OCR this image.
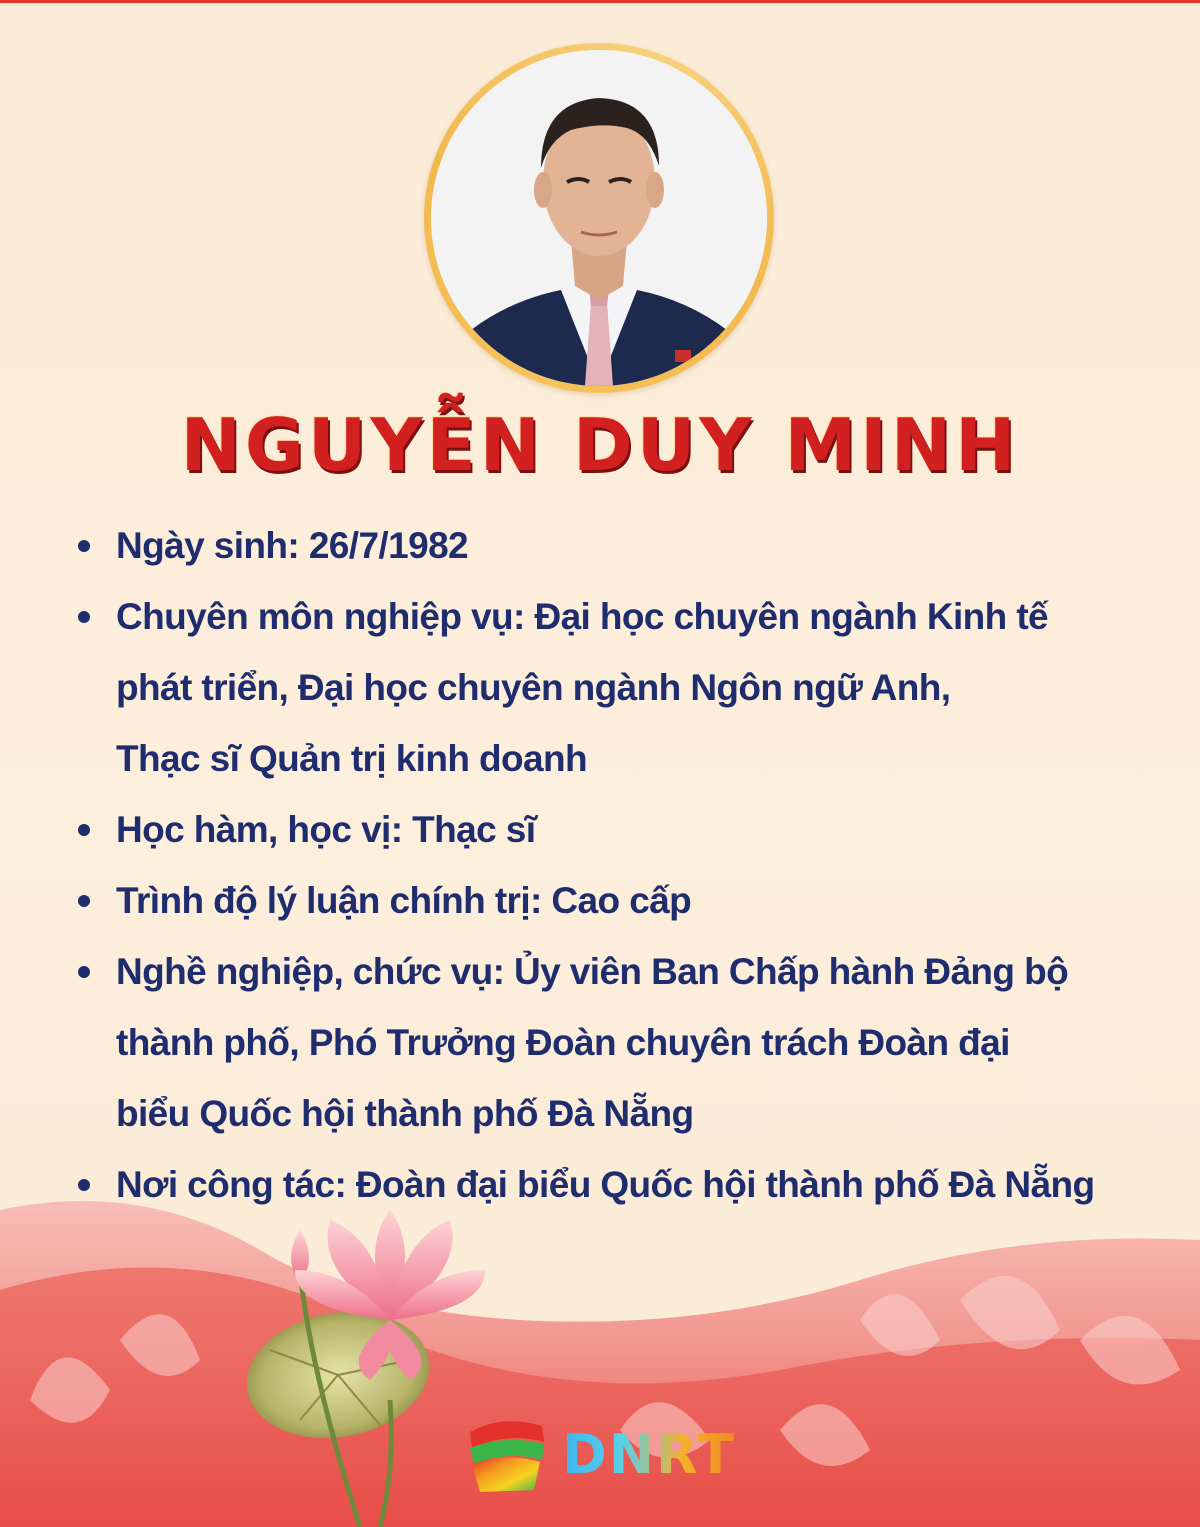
NGUYỄN DUY MINH
Ngày sinh: 26/7/1982
Chuyên môn nghiệp vụ: Đại học chuyên ngành Kinh tế
phát triển, Đại học chuyên ngành Ngôn ngữ Anh,
Thạc sĩ Quản trị kinh doanh
Học hàm, học vị: Thạc sĩ
Trình độ lý luận chính trị: Cao cấp
Nghề nghiệp, chức vụ: Ủy viên Ban Chấp hành Đảng bộ
thành phố, Phó Trưởng Đoàn chuyên trách Đoàn đại
biểu Quốc hội thành phố Đà Nẵng
Nơi công tác: Đoàn đại biểu Quốc hội thành phố Đà Nẵng
DNRT
